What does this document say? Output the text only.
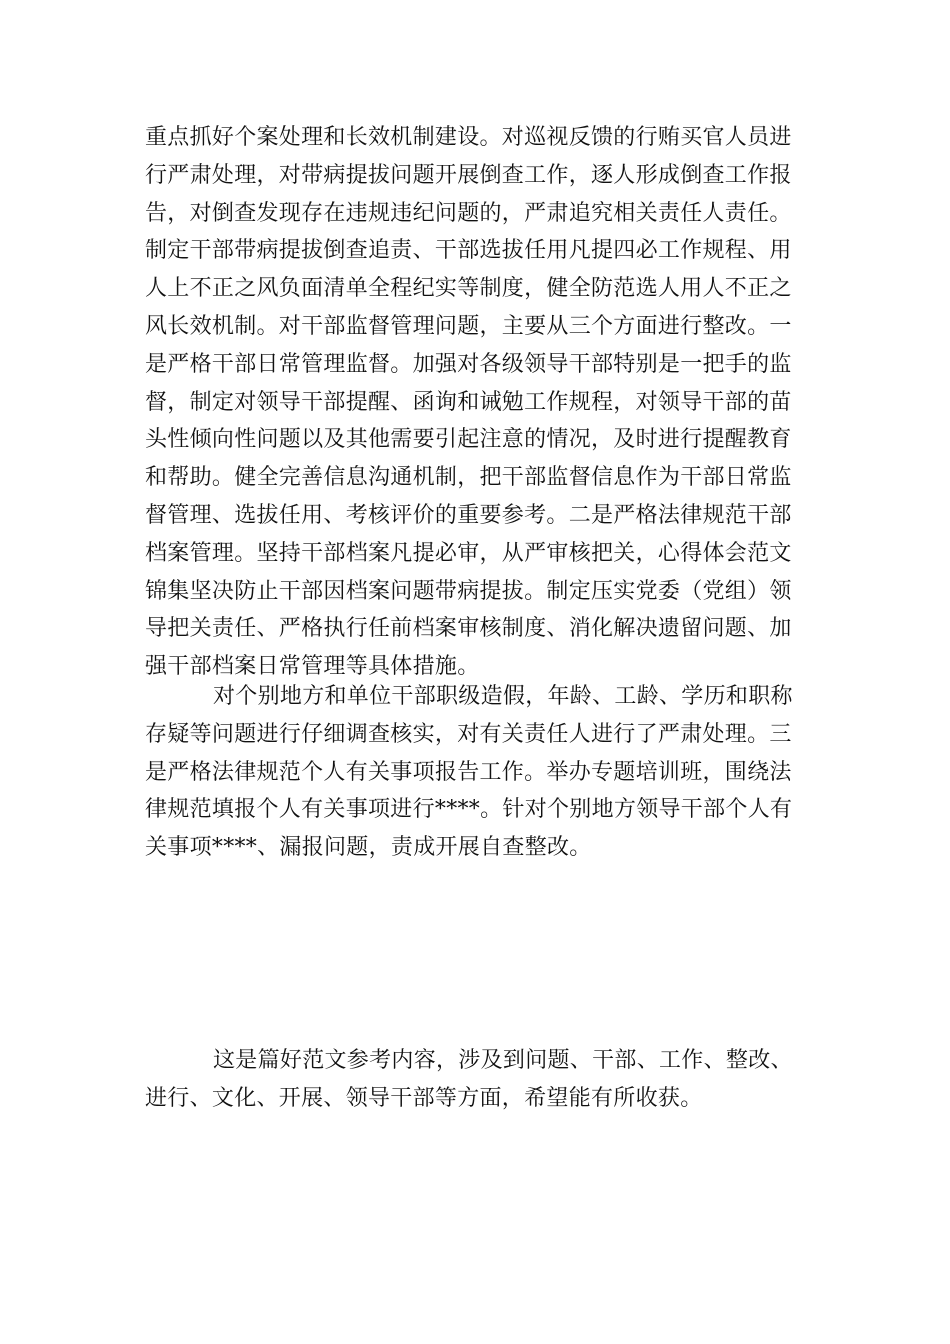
重点抓好个案处理和长效机制建设。对巡视反馈的行贿买官人员进
行严肃处理，对带病提拔问题开展倒查工作，逐人形成倒查工作报
告，对倒查发现存在违规违纪问题的，严肃追究相关责任人责任。
制定干部带病提拔倒查追责、干部选拔任用凡提四必工作规程、用
人上不正之风负面清单全程纪实等制度，健全防范选人用人不正之
风长效机制。对干部监督管理问题，主要从三个方面进行整改。一
是严格干部日常管理监督。加强对各级领导干部特别是一把手的监
督，制定对领导干部提醒、函询和诫勉工作规程，对领导干部的苗
头性倾向性问题以及其他需要引起注意的情况，及时进行提醒教育
和帮助。健全完善信息沟通机制，把干部监督信息作为干部日常监
督管理、选拔任用、考核评价的重要参考。二是严格法律规范干部
档案管理。坚持干部档案凡提必审，从严审核把关，心得体会范文
锦集坚决防止干部因档案问题带病提拔。制定压实党委（党组）领
导把关责任、严格执行任前档案审核制度、消化解决遗留问题、加
强干部档案日常管理等具体措施。
对个别地方和单位干部职级造假，年龄、工龄、学历和职称
存疑等问题进行仔细调查核实，对有关责任人进行了严肃处理。三
是严格法律规范个人有关事项报告工作。举办专题培训班，围绕法
律规范填报个人有关事项进行****。针对个别地方领导干部个人有
关事项****、漏报问题，责成开展自查整改。
这是篇好范文参考内容，涉及到问题、干部、工作、整改、
进行、文化、开展、领导干部等方面，希望能有所收获。
